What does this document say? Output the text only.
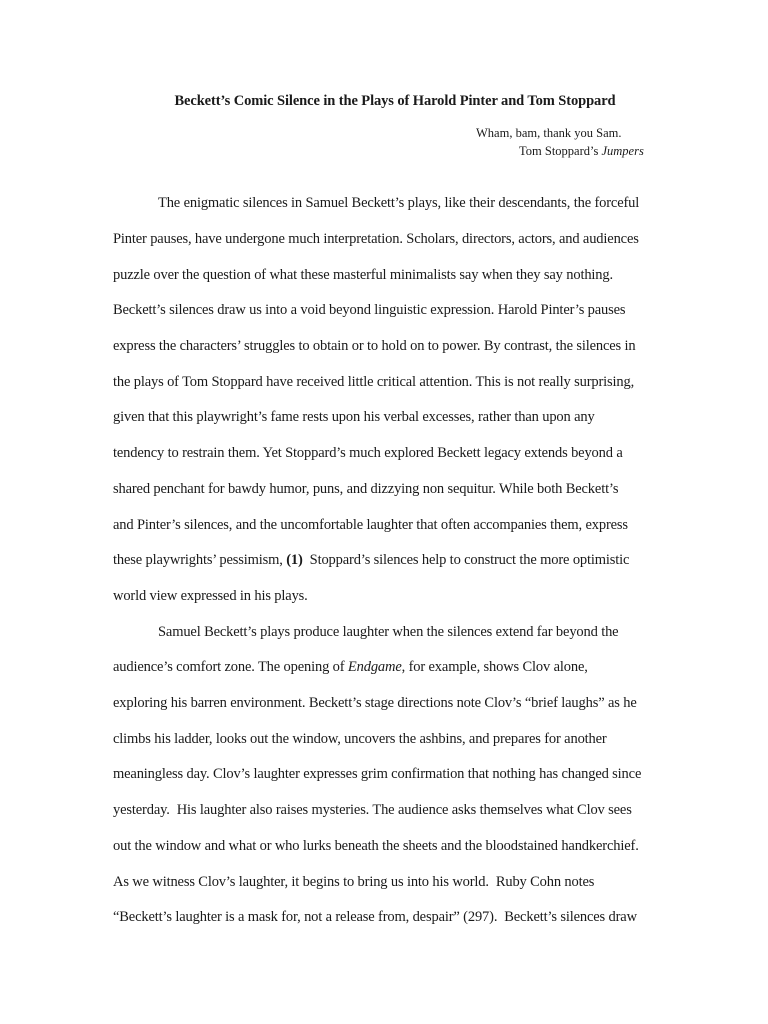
Beckett’s Comic Silence in the Plays of Harold Pinter and Tom Stoppard
Wham, bam, thank you Sam.
Tom Stoppard’s Jumpers
The enigmatic silences in Samuel Beckett’s plays, like their descendants, the forceful
Pinter pauses, have undergone much interpretation. Scholars, directors, actors, and audiences
puzzle over the question of what these masterful minimalists say when they say nothing.
Beckett’s silences draw us into a void beyond linguistic expression. Harold Pinter’s pauses
express the characters’ struggles to obtain or to hold on to power. By contrast, the silences in
the plays of Tom Stoppard have received little critical attention. This is not really surprising,
given that this playwright’s fame rests upon his verbal excesses, rather than upon any
tendency to restrain them. Yet Stoppard’s much explored Beckett legacy extends beyond a
shared penchant for bawdy humor, puns, and dizzying non sequitur. While both Beckett’s
and Pinter’s silences, and the uncomfortable laughter that often accompanies them, express
these playwrights’ pessimism, (1)  Stoppard’s silences help to construct the more optimistic
world view expressed in his plays.
Samuel Beckett’s plays produce laughter when the silences extend far beyond the
audience’s comfort zone. The opening of Endgame, for example, shows Clov alone,
exploring his barren environment. Beckett’s stage directions note Clov’s “brief laughs” as he
climbs his ladder, looks out the window, uncovers the ashbins, and prepares for another
meaningless day. Clov’s laughter expresses grim confirmation that nothing has changed since
yesterday.  His laughter also raises mysteries. The audience asks themselves what Clov sees
out the window and what or who lurks beneath the sheets and the bloodstained handkerchief.
As we witness Clov’s laughter, it begins to bring us into his world.  Ruby Cohn notes
“Beckett’s laughter is a mask for, not a release from, despair” (297).  Beckett’s silences draw
